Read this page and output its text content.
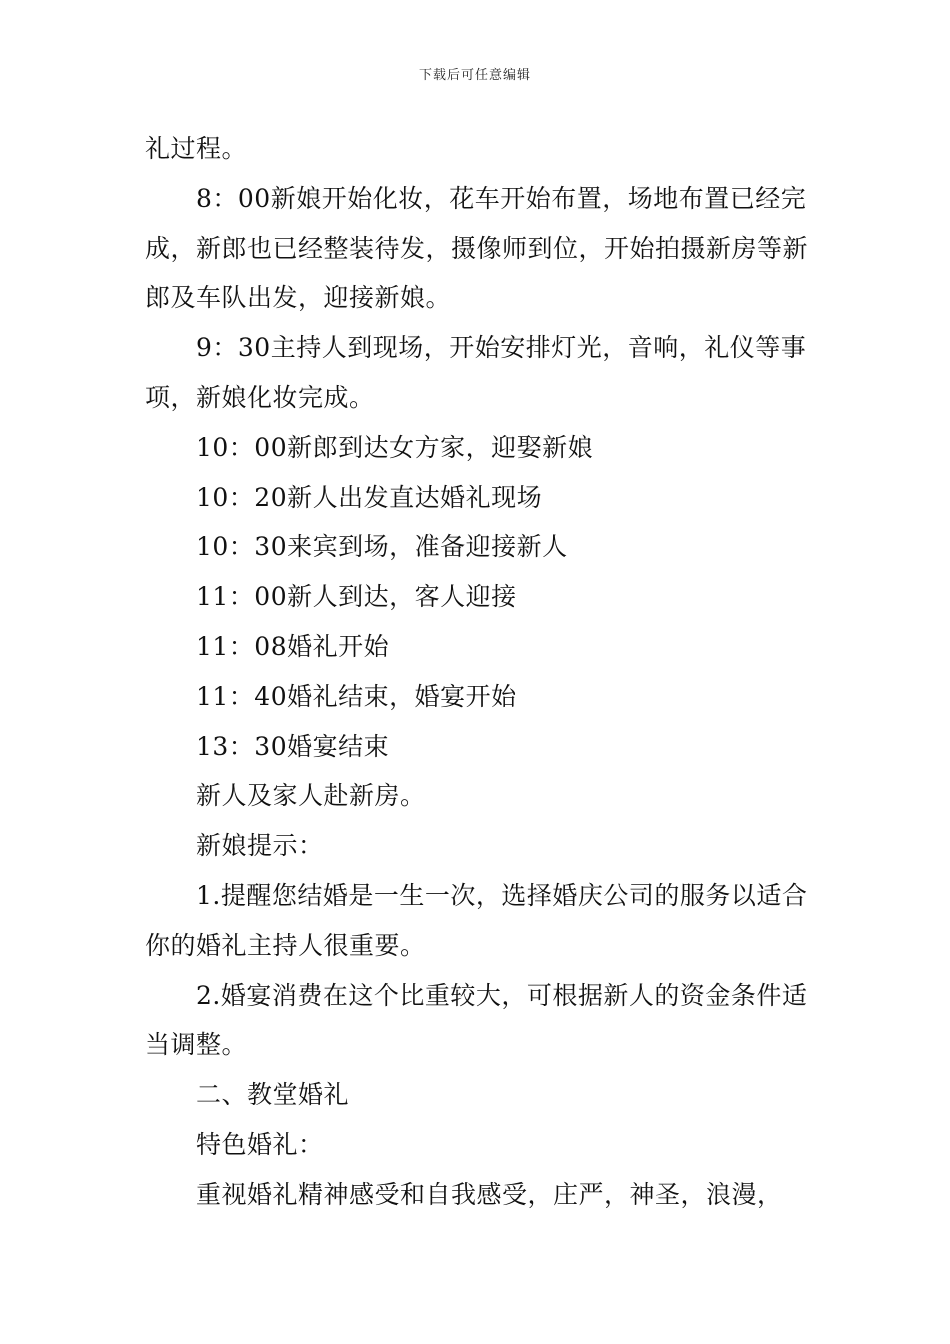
下载后可任意编辑

礼过程。

8：00新娘开始化妆，花车开始布置，场地布置已经完成，新郎也已经整装待发，摄像师到位，开始拍摄新房等新郎及车队出发，迎接新娘。

9：30主持人到现场，开始安排灯光，音响，礼仪等事项，新娘化妆完成。

10：00新郎到达女方家，迎娶新娘

10：20新人出发直达婚礼现场

10：30来宾到场，准备迎接新人

11：00新人到达，客人迎接

11：08婚礼开始

11：40婚礼结束，婚宴开始

13：30婚宴结束

新人及家人赴新房。

新娘提示：

1.提醒您结婚是一生一次，选择婚庆公司的服务以适合你的婚礼主持人很重要。

2.婚宴消费在这个比重较大，可根据新人的资金条件适当调整。

二、教堂婚礼

特色婚礼：

重视婚礼精神感受和自我感受，庄严，神圣，浪漫，
